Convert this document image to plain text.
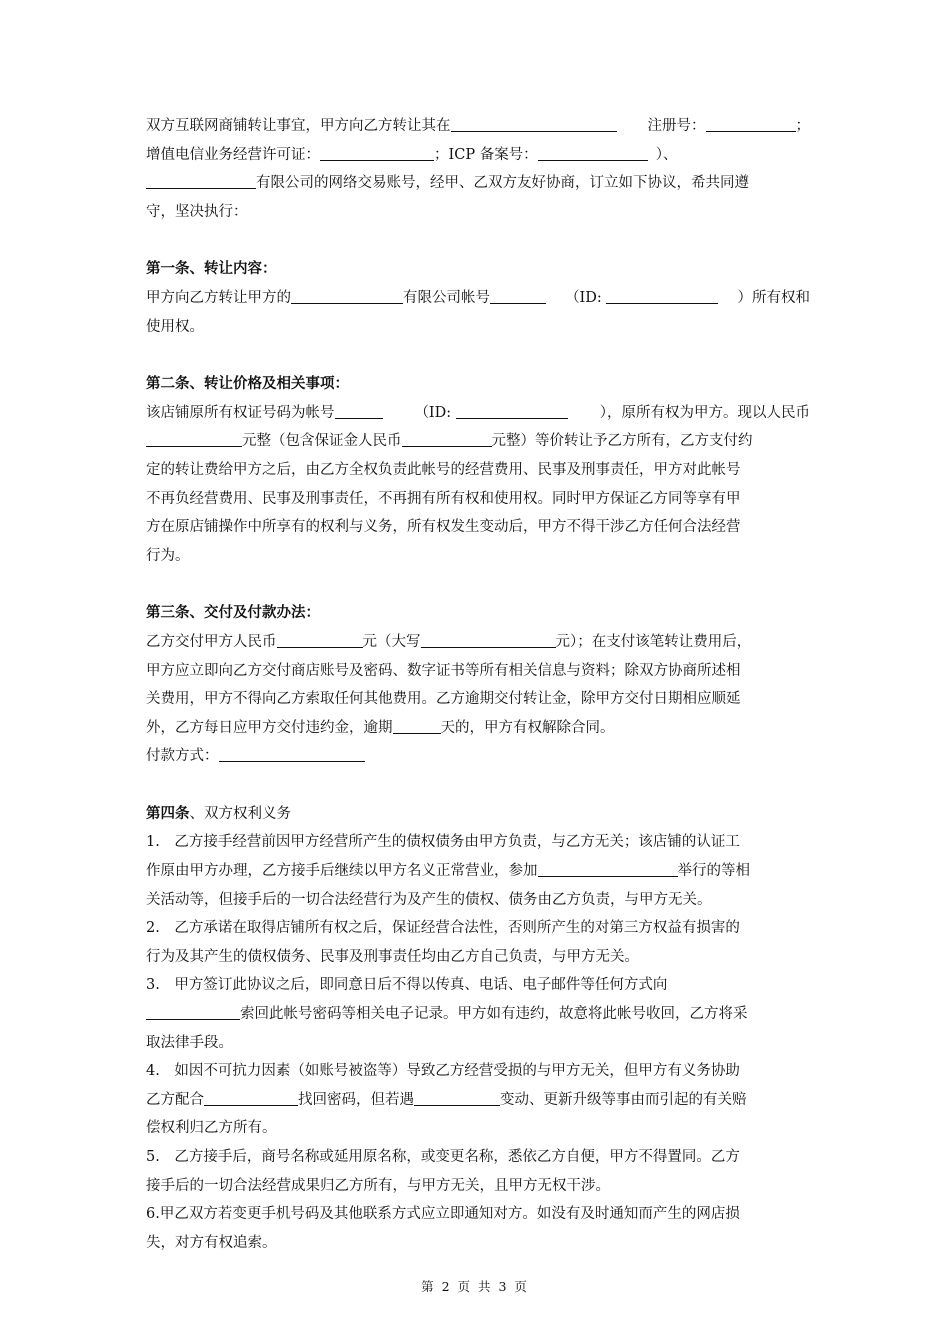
双方互联网商铺转让事宜，甲方向乙方转让其在	注册号：	；
增值电信业务经营许可证：	；ICP 备案号：	）、
有限公司的网络交易账号，经甲、乙双方友好协商，订立如下协议，希共同遵
守，坚决执行：
第一条、转让内容：
甲方向乙方转让甲方的	有限公司帐号	（ID:	）所有权和
使用权。
第二条、转让价格及相关事项：
该店铺原所有权证号码为帐号	（ID:	），原所有权为甲方。现以人民币
元整（包含保证金人民币	元整）等价转让予乙方所有，乙方支付约
定的转让费给甲方之后，由乙方全权负责此帐号的经营费用、民事及刑事责任，甲方对此帐号
不再负经营费用、民事及刑事责任，不再拥有所有权和使用权。同时甲方保证乙方同等享有甲
方在原店铺操作中所享有的权利与义务，所有权发生变动后，甲方不得干涉乙方任何合法经营
行为。
第三条、交付及付款办法：
乙方交付甲方人民币	元（大写	元）；在支付该笔转让费用后，
甲方应立即向乙方交付商店账号及密码、数字证书等所有相关信息与资料；除双方协商所述相
关费用，甲方不得向乙方索取任何其他费用。乙方逾期交付转让金，除甲方交付日期相应顺延
外，乙方每日应甲方交付违约金，逾期	天的，甲方有权解除合同。
付款方式：
第四条、双方权利义务
1.　乙方接手经营前因甲方经营所产生的债权债务由甲方负责，与乙方无关；该店铺的认证工
作原由甲方办理，乙方接手后继续以甲方名义正常营业，参加	举行的等相
关活动等，但接手后的一切合法经营行为及产生的债权、债务由乙方负责，与甲方无关。
2.　乙方承诺在取得店铺所有权之后，保证经营合法性，否则所产生的对第三方权益有损害的
行为及其产生的债权债务、民事及刑事责任均由乙方自己负责，与甲方无关。
3.　甲方签订此协议之后，即同意日后不得以传真、电话、电子邮件等任何方式向
索回此帐号密码等相关电子记录。甲方如有违约，故意将此帐号收回，乙方将采
取法律手段。
4.　如因不可抗力因素（如账号被盗等）导致乙方经营受损的与甲方无关，但甲方有义务协助
乙方配合	找回密码，但若遇	变动、更新升级等事由而引起的有关赔
偿权利归乙方所有。
5.　乙方接手后，商号名称或延用原名称，或变更名称，悉依乙方自便，甲方不得置同。乙方
接手后的一切合法经营成果归乙方所有，与甲方无关，且甲方无权干涉。
6.甲乙双方若变更手机号码及其他联系方式应立即通知对方。如没有及时通知而产生的网店损
失，对方有权追索。
第 2 页 共 3 页
